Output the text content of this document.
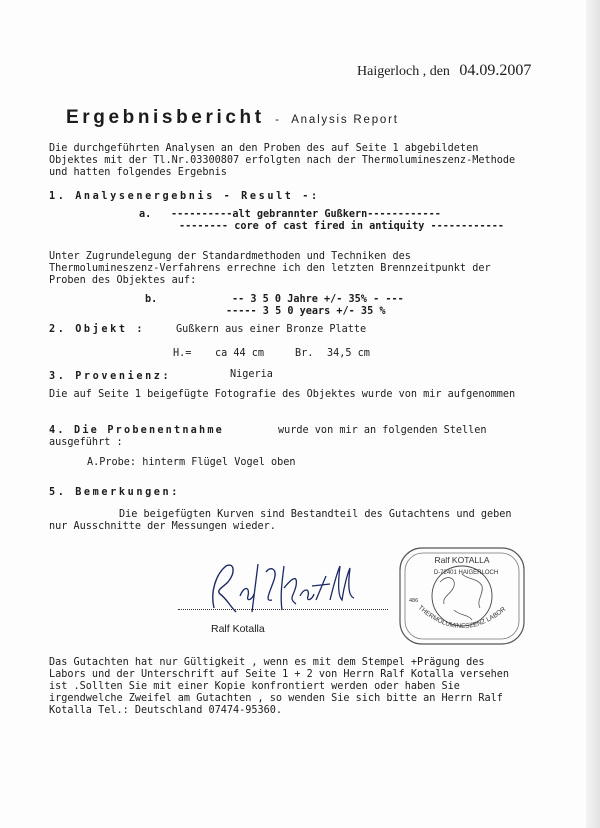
Haigerloch , den 04.09.2007
Ergebnisbericht - Analysis Report
Die durchgeführten Analysen an den Proben des auf Seite 1 abgebildeten
Objektes mit der Tl.Nr.03300807 erfolgten nach der Thermolumineszenz-Methode
und hatten folgendes Ergebnis
1. Analysenergebnis - Result -:
a. ----------alt gebrannter Gußkern------------
-------- core of cast fired in antiquity ------------
Unter Zugrundelegung der Standardmethoden und Techniken des
Thermolumineszenz-Verfahrens errechne ich den letzten Brennzeitpunkt der
Proben des Objektes auf:
b.	-- 3 5 0 Jahre +/- 35% - ---
----- 3 5 0 years +/- 35 %
2. Objekt :	Gußkern aus einer Bronze Platte
H.= ca 44 cm	Br. 34,5 cm
3. Provenienz:	Nigeria
Die auf Seite 1 beigefügte Fotografie des Objektes wurde von mir aufgenommen
4. Die Probenentnahme	wurde von mir an folgenden Stellen
ausgeführt :
A.Probe: hinterm Flügel Vogel oben
5. Bemerkungen:
Die beigefügten Kurven sind Bestandteil des Gutachtens und geben
nur Ausschnitte der Messungen wieder.
Ralf Kotalla
Ralf KOTALLA
D-72401 HAIGERLOCH
486
THERMOLUMINESZENZ LABOR
Das Gutachten hat nur Gültigkeit , wenn es mit dem Stempel +Prägung des
Labors und der Unterschrift auf Seite 1 + 2 von Herrn Ralf Kotalla versehen
ist .Sollten Sie mit einer Kopie konfrontiert werden oder haben Sie
irgendwelche Zweifel am Gutachten , so wenden Sie sich bitte an Herrn Ralf
Kotalla Tel.: Deutschland 07474-95360.
